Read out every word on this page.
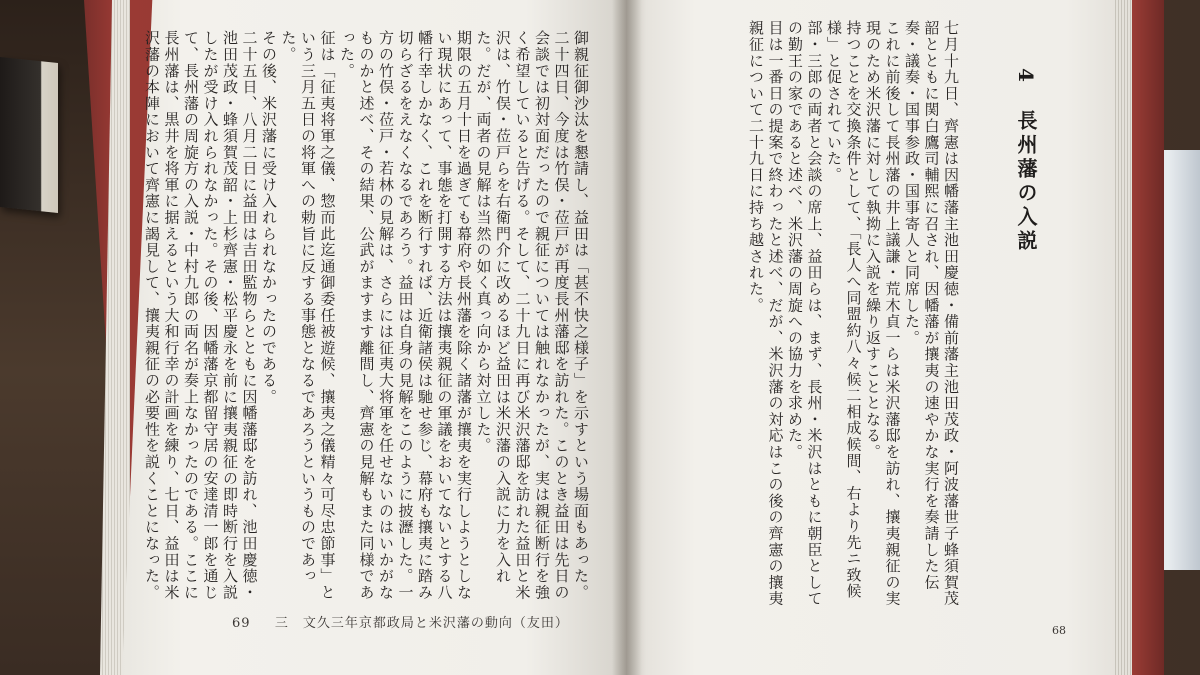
4　長州藩の入説

七月十九日、齊憲は因幡藩主池田慶徳・備前藩主池田茂政・阿波藩世子蜂須賀茂韶とともに関白鷹司輔熙に召され、因幡藩が攘夷の速やかな実行を奏請した伝奏・議奏・国事参政・国事寄人と同席した。

これに前後して長州藩の井上議謙・荒木貞一らは米沢藩邸を訪れ、攘夷親征の実現のため米沢藩に対して執拗に入説を繰り返すこととなる。

持つことを交換条件として、「長人へ同盟約八々候二相成候間、右より先ニ致候様」と促されていた。

部・三郎の両者と会談の席上、益田らは、まず、長州・米沢はともに朝臣としての勤王の家であると述べ、米沢藩の周旋への協力を求めた。

目は一番日の提案で終わったと述べ、だが、米沢藩の対応はこの後の齊憲の攘夷親征について二十九日に持ち越された。

御親征御沙汰を懇請し、益田は「甚不快之様子」を示すという場面もあった。

二十四日、今度は竹俣・莅戸が再度長州藩邸を訪れた。このとき益田は先日の会談では初対面だったので親征については触れなかったが、実は親征断行を強く希望していると告げる。そして、二十九日に再び米沢藩邸を訪れた益田と米沢は、竹俣・莅戸らを右衛門介に改めるほど益田は米沢藩の入説に力を入れた。だが、両者の見解は当然の如く真っ向から対立した。

期限の五月十日を過ぎても幕府や長州藩を除く諸藩が攘夷を実行しようとしない現状にあって、事態を打開する方法は攘夷親征の軍議をおいてないとする八幡行幸しかなく、これを断行すれば、近衛諸侯は馳せ参じ、幕府も攘夷に踏み切らざるをえなくなるであろう。益田は自身の見解をこのように披瀝した。一方の竹俣・莅戸・若林の見解は、さらには征夷大将軍を任せないのはいかがなものかと述べ、その結果、公武がますます離間し、齊憲の見解もまた同様であった。

征は「征夷将軍之儀、惣而此迄通御委任被遊候、攘夷之儀精々可尽忠節事」という三月五日の将軍への勅旨に反する事態となるであろうというものであった。

その後、米沢藩に受け入れられなかったのである。

二十五日、八月二日に益田は吉田監物らとともに因幡藩邸を訪れ、池田慶徳・池田茂政・蜂須賀茂韶・上杉齊憲・松平慶永を前に攘夷親征の即時断行を入説したが受け入れられなかった。その後、因幡藩京都留守居の安達清一郎を通じて、長州藩の周旋方の入説・中村九郎の両名が奏上なかったのである。ここに長州藩は、黒井を将軍に据えるという大和行幸の計画を練り、七日、益田は米沢藩の本陣において齊憲に謁見して、攘夷親征の必要性を説くことになった。

69 　 三　文久三年京都政局と米沢藩の動向（友田）	68
